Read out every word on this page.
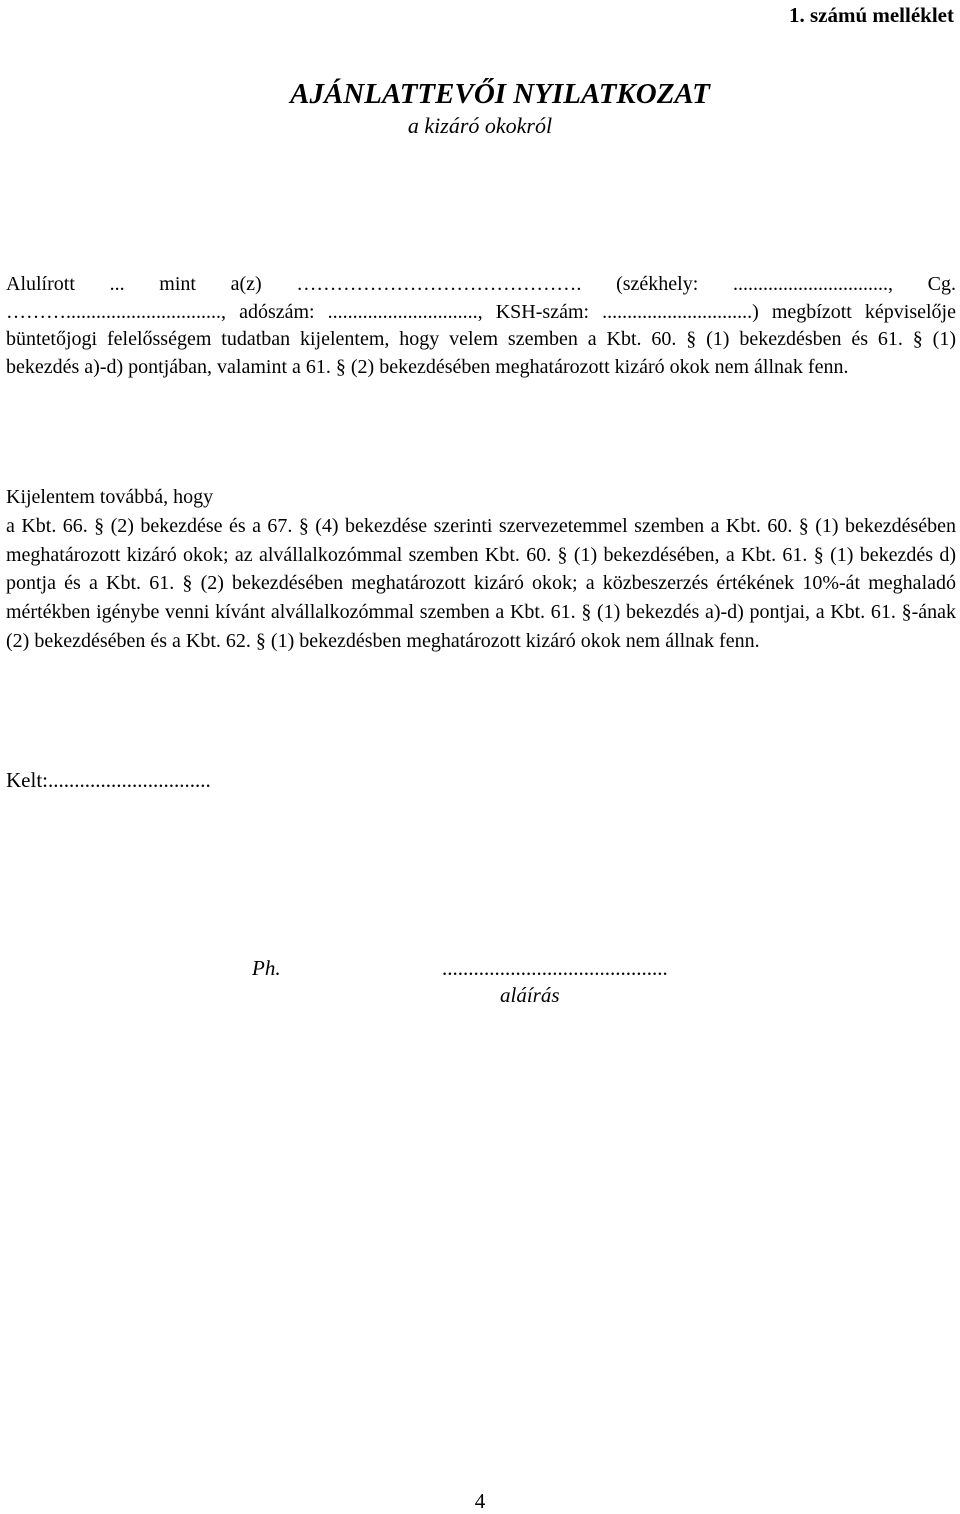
1. számú melléklet
AJÁNLATTEVŐI NYILATKOZAT
a kizáró okokról

Alulírott ... mint a(z) ……………………………………. (székhely: ..............................., Cg. ………..............................., adószám: .............................., KSH-szám: ..............................) megbízott képviselője büntetőjogi felelősségem tudatban kijelentem, hogy velem szemben a Kbt. 60. § (1) bekezdésben és 61. § (1) bekezdés a)-d) pontjában, valamint a 61. § (2) bekezdésében meghatározott kizáró okok nem állnak fenn.

Kijelentem továbbá, hogy

a Kbt. 66. § (2) bekezdése és a 67. § (4) bekezdése szerinti szervezetemmel szemben a Kbt. 60. § (1) bekezdésében meghatározott kizáró okok; az alvállalkozómmal szemben Kbt. 60. § (1) bekezdésében, a Kbt. 61. § (1) bekezdés d) pontja és a Kbt. 61. § (2) bekezdésében meghatározott kizáró okok; a közbeszerzés értékének 10%-át meghaladó mértékben igénybe venni kívánt alvállalkozómmal szemben a Kbt. 61. § (1) bekezdés a)-d) pontjai, a Kbt. 61. §-ának (2) bekezdésében és a Kbt. 62. § (1) bekezdésben meghatározott kizáró okok nem állnak fenn.

Kelt:...............................
Ph.	...........................................
aláírás
4
